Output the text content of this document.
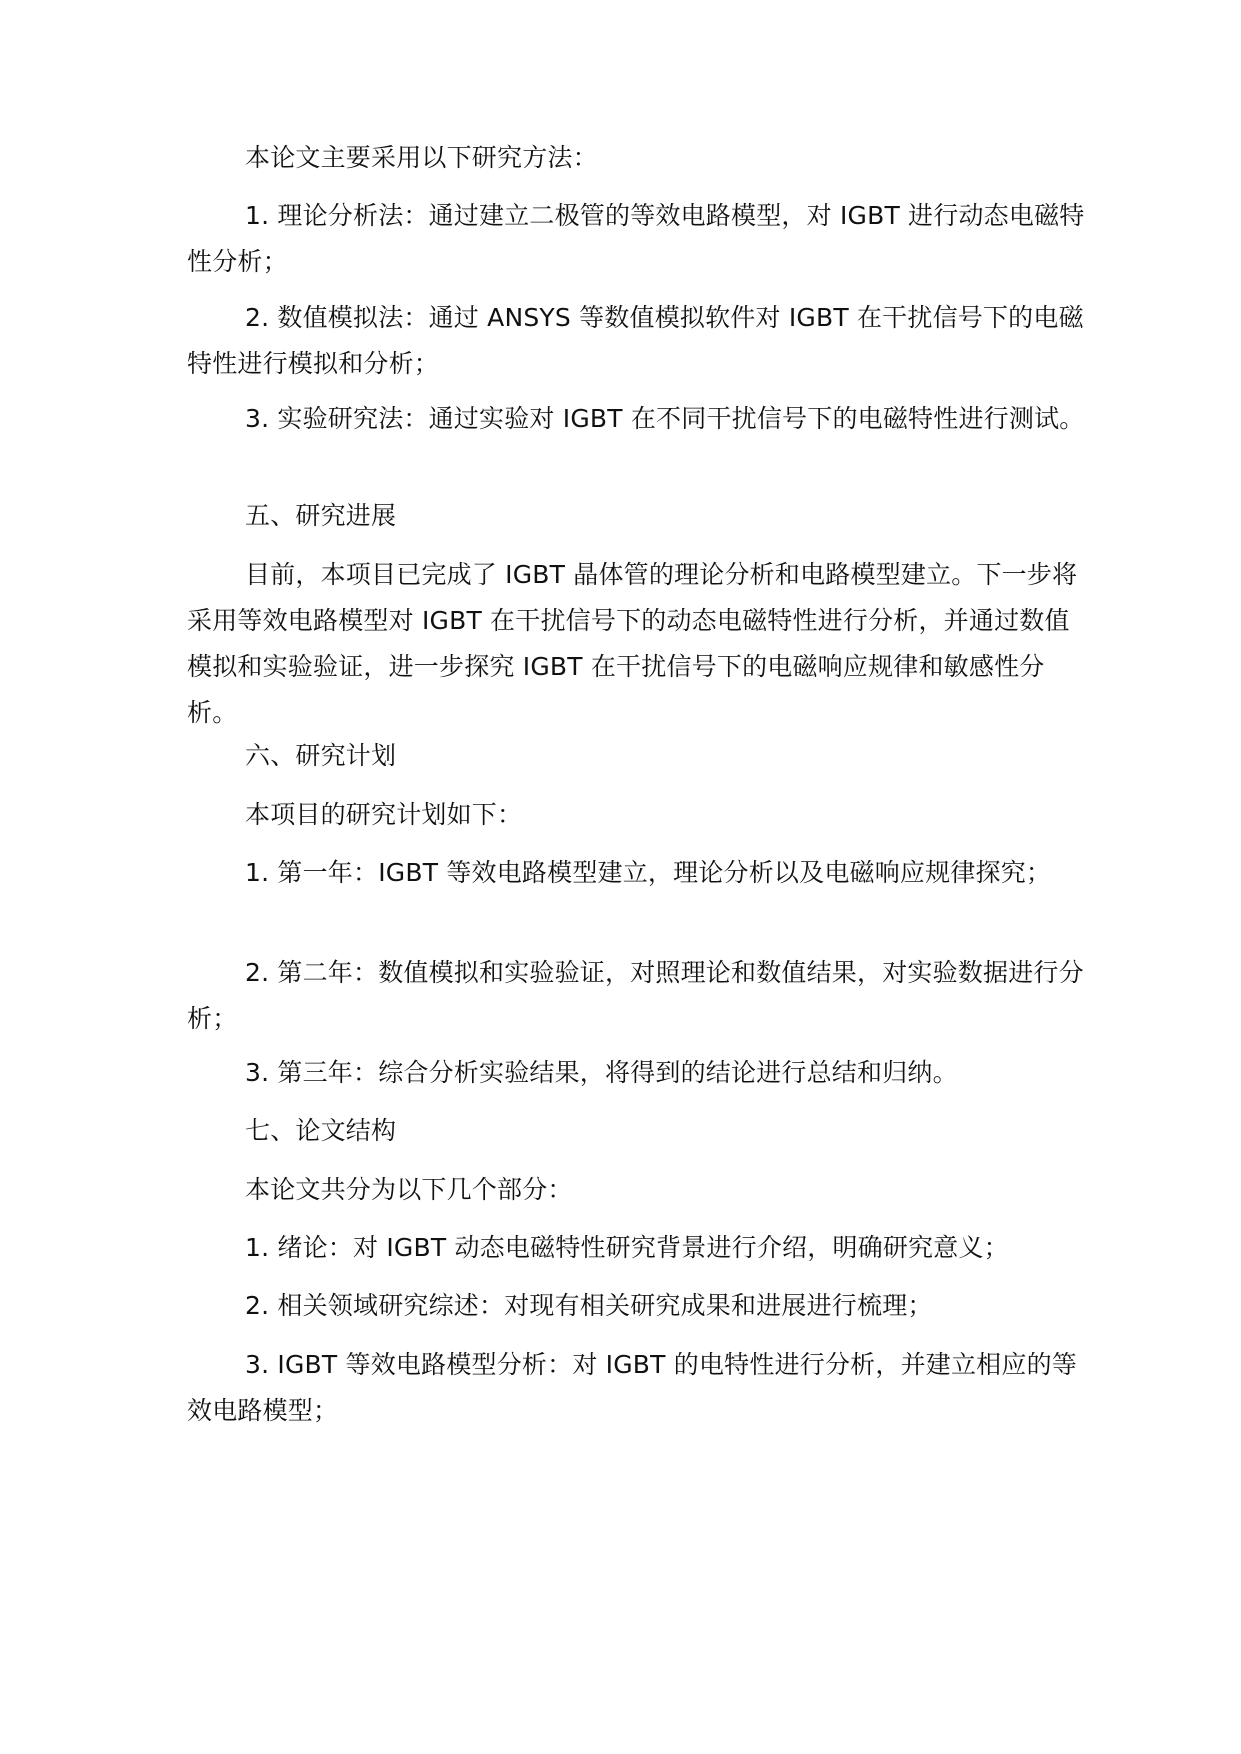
本论文主要采用以下研究方法：

1. 理论分析法：通过建立二极管的等效电路模型，对 IGBT 进行动态电磁特性分析；

2. 数值模拟法：通过 ANSYS 等数值模拟软件对 IGBT 在干扰信号下的电磁特性进行模拟和分析；

3. 实验研究法：通过实验对 IGBT 在不同干扰信号下的电磁特性进行测试。

五、研究进展

目前，本项目已完成了 IGBT 晶体管的理论分析和电路模型建立。下一步将采用等效电路模型对 IGBT 在干扰信号下的动态电磁特性进行分析，并通过数值模拟和实验验证，进一步探究 IGBT 在干扰信号下的电磁响应规律和敏感性分析。

六、研究计划

本项目的研究计划如下：

1. 第一年：IGBT 等效电路模型建立，理论分析以及电磁响应规律探究；

2. 第二年：数值模拟和实验验证，对照理论和数值结果，对实验数据进行分析；

3. 第三年：综合分析实验结果，将得到的结论进行总结和归纳。

七、论文结构

本论文共分为以下几个部分：

1. 绪论：对 IGBT 动态电磁特性研究背景进行介绍，明确研究意义；

2. 相关领域研究综述：对现有相关研究成果和进展进行梳理；

3. IGBT 等效电路模型分析：对 IGBT 的电特性进行分析，并建立相应的等效电路模型；
